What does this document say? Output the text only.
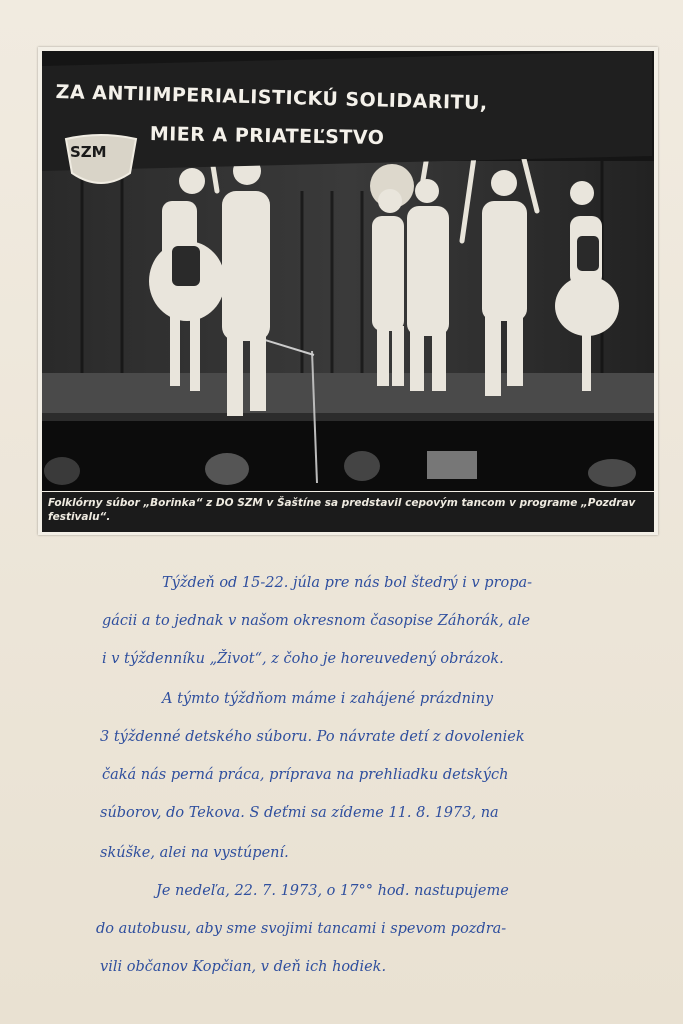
ZA ANTIIMPERIALISTICKÚ SOLIDARITU,
MIER A PRIATEĽSTVO
SZM
Folklórny súbor „Borinka“ z DO SZM v Šaštíne sa predstavil cepovým tancom v programe „Pozdrav festivalu“.
Týždeň od 15-22. júla pre nás bol štedrý i v propa-
gácii a to jednak v našom okresnom časopise Záhorák, ale
i v týždenníku „Život“, z čoho je horeuvedený obrázok.
A týmto týždňom máme i zahájené prázdniny
3 týždenné detského súboru. Po návrate detí z dovoleniek
čaká nás perná práca, príprava na prehliadku detských
súborov, do Tekova. S deťmi sa zídeme 11. 8. 1973, na
skúške, alei na vystúpení.
Je nedeľa, 22. 7. 1973, o 17°° hod. nastupujeme
do autobusu, aby sme svojimi tancami i spevom pozdra-
vili občanov Kopčian, v deň ich hodiek.
